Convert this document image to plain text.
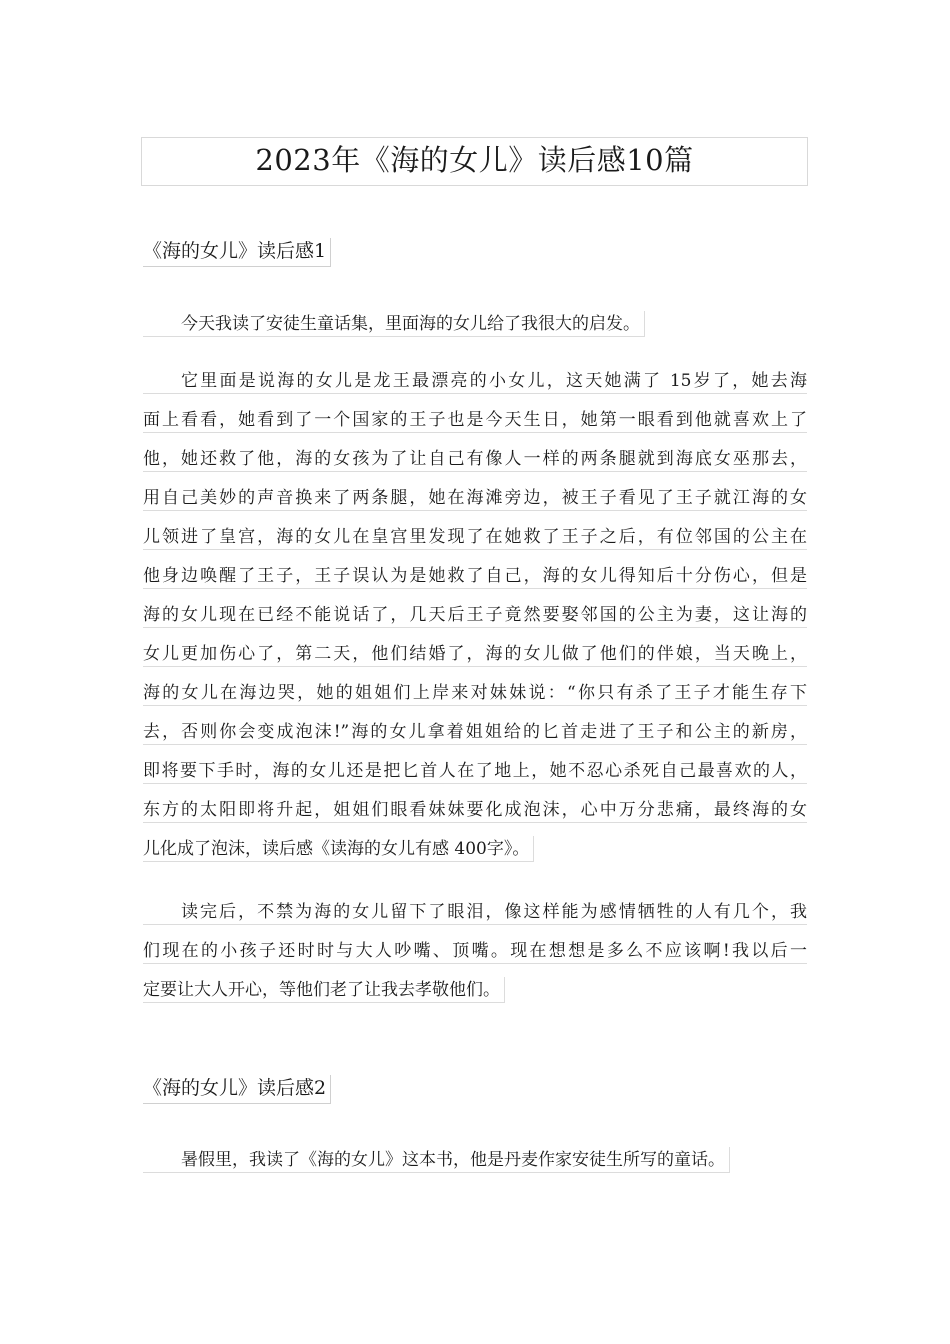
2023年《海的女儿》读后感10篇
《海的女儿》读后感1
今天我读了安徒生童话集，里面海的女儿给了我很大的启发。
它里面是说海的女儿是龙王最漂亮的小女儿，这天她满了 15岁了，她去海
面上看看，她看到了一个国家的王子也是今天生日，她第一眼看到他就喜欢上了
他，她还救了他，海的女孩为了让自己有像人一样的两条腿就到海底女巫那去，
用自己美妙的声音换来了两条腿，她在海滩旁边，被王子看见了王子就江海的女
儿领进了皇宫，海的女儿在皇宫里发现了在她救了王子之后，有位邻国的公主在
他身边唤醒了王子，王子误认为是她救了自己，海的女儿得知后十分伤心，但是
海的女儿现在已经不能说话了，几天后王子竟然要娶邻国的公主为妻，这让海的
女儿更加伤心了，第二天，他们结婚了，海的女儿做了他们的伴娘，当天晚上，
海的女儿在海边哭，她的姐姐们上岸来对妹妹说：“你只有杀了王子才能生存下
去，否则你会变成泡沫!”海的女儿拿着姐姐给的匕首走进了王子和公主的新房，
即将要下手时，海的女儿还是把匕首人在了地上，她不忍心杀死自己最喜欢的人，
东方的太阳即将升起，姐姐们眼看妹妹要化成泡沫，心中万分悲痛，最终海的女
儿化成了泡沫，读后感《读海的女儿有感 400字》。
读完后，不禁为海的女儿留下了眼泪，像这样能为感情牺牲的人有几个，我
们现在的小孩子还时时与大人吵嘴、顶嘴。现在想想是多么不应该啊!我以后一
定要让大人开心，等他们老了让我去孝敬他们。
《海的女儿》读后感2
暑假里，我读了《海的女儿》这本书，他是丹麦作家安徒生所写的童话。
